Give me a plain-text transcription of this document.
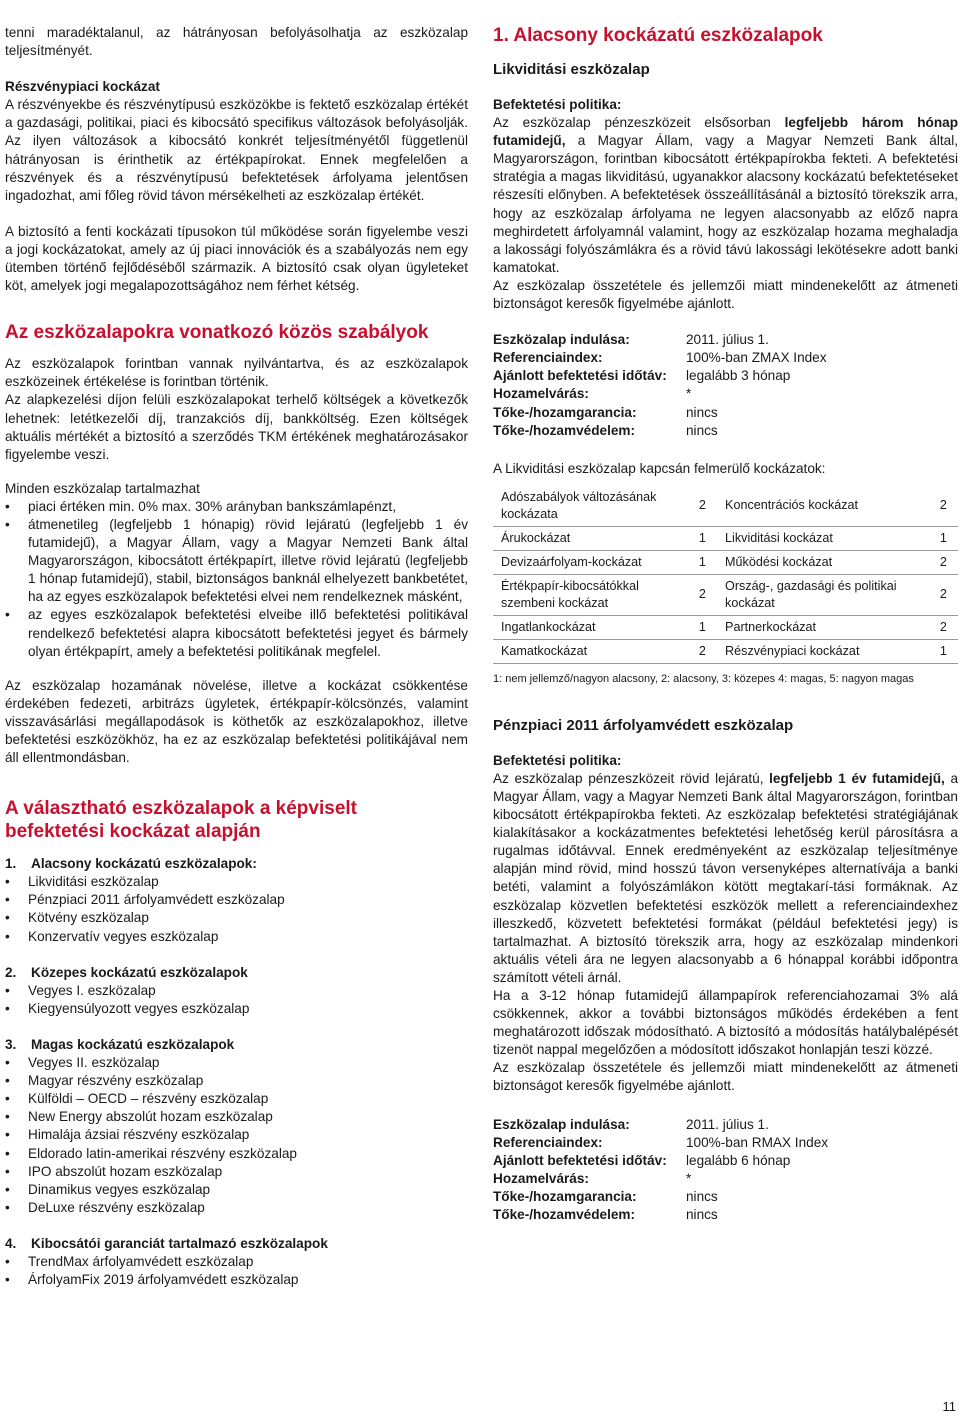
tenni maradéktalanul, az hátrányosan befolyásolhatja az eszközalap teljesítményét.

Részvénypiaci kockázat

A részvényekbe és részvénytípusú eszközökbe is fektető eszközalap értékét a gazdasági, politikai, piaci és kibocsátó specifikus változások befolyásolják. Az ilyen változások a kibocsátó konkrét teljesítményétől függetlenül hátrányosan is érinthetik az értékpapírokat. Ennek megfelelően a részvények és a részvénytípusú befektetések árfolyama jelentősen ingadozhat, ami főleg rövid távon mérsékelheti az eszközalap értékét.

A biztosító a fenti kockázati típusokon túl működése során figyelembe veszi a jogi kockázatokat, amely az új piaci innovációk és a szabályozás nem egy ütemben történő fejlődéséből származik. A biztosító csak olyan ügyleteket köt, amelyek jogi megalapozottságához nem férhet kétség.

Az eszközalapokra vonatkozó közös szabályok

Az eszközalapok forintban vannak nyilvántartva, és az eszközalapok eszközeinek értékelése is forintban történik.

Az alapkezelési díjon felüli eszközalapokat terhelő költségek a következők lehetnek: letétkezelői díj, tranzakciós díj, bankköltség. Ezen költségek aktuális mértékét a biztosító a szerződés TKM értékének meghatározásakor figyelembe veszi.

Minden eszközalap tartalmazhat

• piaci értéken min. 0% max. 30% arányban bankszámlapénzt,
• átmenetileg (legfeljebb 1 hónapig) rövid lejáratú (legfeljebb 1 év futamidejű), a Magyar Állam, vagy a Magyar Nemzeti Bank által Magyarországon, kibocsátott értékpapírt, illetve rövid lejáratú (legfeljebb 1 hónap futamidejű), stabil, biztonságos banknál elhelyezett bankbetétet, ha az egyes eszközalapok befektetési elvei nem rendelkeznek másként,
• az egyes eszközalapok befektetési elveibe illő befektetési politikával rendelkező befektetési alapra kibocsátott befektetési jegyet és bármely olyan értékpapírt, amely a befektetési politikának megfelel.

Az eszközalap hozamának növelése, illetve a kockázat csökkentése érdekében fedezeti, arbitrázs ügyletek, értékpapír-kölcsönzés, valamint visszavásárlási megállapodások is köthetők az eszközalapokhoz, illetve befektetési eszközökhöz, ha ez az eszközalap befektetési politikájával nem áll ellentmondásban.

A választható eszközalapok a képviselt
befektetési kockázat alapján
1. Alacsony kockázatú eszközalapok:
• Likviditási eszközalap
• Pénzpiaci 2011 árfolyamvédett eszközalap
• Kötvény eszközalap
• Konzervatív vegyes eszközalap
2. Közepes kockázatú eszközalapok
• Vegyes I. eszközalap
• Kiegyensúlyozott vegyes eszközalap
3. Magas kockázatú eszközalapok
• Vegyes II. eszközalap
• Magyar részvény eszközalap
• Külföldi – OECD – részvény eszközalap
• New Energy abszolút hozam eszközalap
• Himalája ázsiai részvény eszközalap
• Eldorado latin-amerikai részvény eszközalap
• IPO abszolút hozam eszközalap
• Dinamikus vegyes eszközalap
• DeLuxe részvény eszközalap
4. Kibocsátói garanciát tartalmazó eszközalapok
• TrendMax árfolyamvédett eszközalap
• ÁrfolyamFix 2019 árfolyamvédett eszközalap
1. Alacsony kockázatú eszközalapok

Likviditási eszközalap

Befektetési politika:

Az eszközalap pénzeszközeit elsősorban legfeljebb három hónap futamidejű, a Magyar Állam, vagy a Magyar Nemzeti Bank által, Magyarországon, forintban kibocsátott értékpapírokba fekteti. A befektetési stratégia a magas likviditású, ugyanakkor alacsony kockázatú befektetéseket részesíti előnyben. A befektetések összeállításánál a biztosító törekszik arra, hogy az eszközalap árfolyama ne legyen alacsonyabb az előző napra meghirdetett árfolyamnál valamint, hogy az eszközalap hozama meghaladja a lakossági folyószámlákra és a rövid távú lakossági lekötésekre adott banki kamatokat.

Az eszközalap összetétele és jellemzői miatt mindenekelőtt az átmeneti biztonságot keresők figyelmébe ajánlott.

Eszközalap indulása:	2011. július 1.
Referenciaindex:	100%-ban ZMAX Index
Ajánlott befektetési időtáv:	legalább 3 hónap
Hozamelvárás:	*
Tőke-/hozamgarancia:	nincs
Tőke-/hozamvédelem:	nincs

A Likviditási eszközalap kapcsán felmerülő kockázatok:

Adószabályok változásának kockázata	2	Koncentrációs kockázat	2
Árukockázat	1	Likviditási kockázat	1
Devizaárfolyam-kockázat	1	Működési kockázat	2
Értékpapír-kibocsátókkal szembeni kockázat	2	Ország-, gazdasági és politikai kockázat	2
Ingatlankockázat	1	Partnerkockázat	2
Kamatkockázat	2	Részvénypiaci kockázat	1

1: nem jellemző/nagyon alacsony, 2: alacsony, 3: közepes 4: magas, 5: nagyon magas

Pénzpiaci 2011 árfolyamvédett eszközalap

Befektetési politika:

Az eszközalap pénzeszközeit rövid lejáratú, legfeljebb 1 év futamidejű, a Magyar Állam, vagy a Magyar Nemzeti Bank által Magyarországon, forintban kibocsátott értékpapírokba fekteti. Az eszközalap befektetési stratégiájának kialakításakor a kockázatmentes befektetési lehetőség kerül párosításra a rugalmas időtávval. Ennek eredményeként az eszközalap teljesítménye alapján mind rövid, mind hosszú távon versenyképes alternatívája a banki betéti, valamint a folyószámlákon kötött megtakarí-tási formáknak. Az eszközalap közvetlen befektetési eszközök mellett a referenciaindexhez illeszkedő, közvetett befektetési formákat (például befektetési jegy) is tartalmazhat. A biztosító törekszik arra, hogy az eszközalap mindenkori aktuális vételi ára ne legyen alacsonyabb a 6 hónappal korábbi időpontra számított vételi árnál.

Ha a 3-12 hónap futamidejű állampapírok referenciahozamai 3% alá csökkennek, akkor a további biztonságos működés érdekében a fent meghatározott időszak módosítható. A biztosító a módosítás hatálybalépését tizenöt nappal megelőzően a módosított időszakot honlapján teszi közzé.

Az eszközalap összetétele és jellemzői miatt mindenekelőtt az átmeneti biztonságot keresők figyelmébe ajánlott.

Eszközalap indulása:	2011. július 1.
Referenciaindex:	100%-ban RMAX Index
Ajánlott befektetési időtáv:	legalább 6 hónap
Hozamelvárás:	*
Tőke-/hozamgarancia:	nincs
Tőke-/hozamvédelem:	nincs
11
